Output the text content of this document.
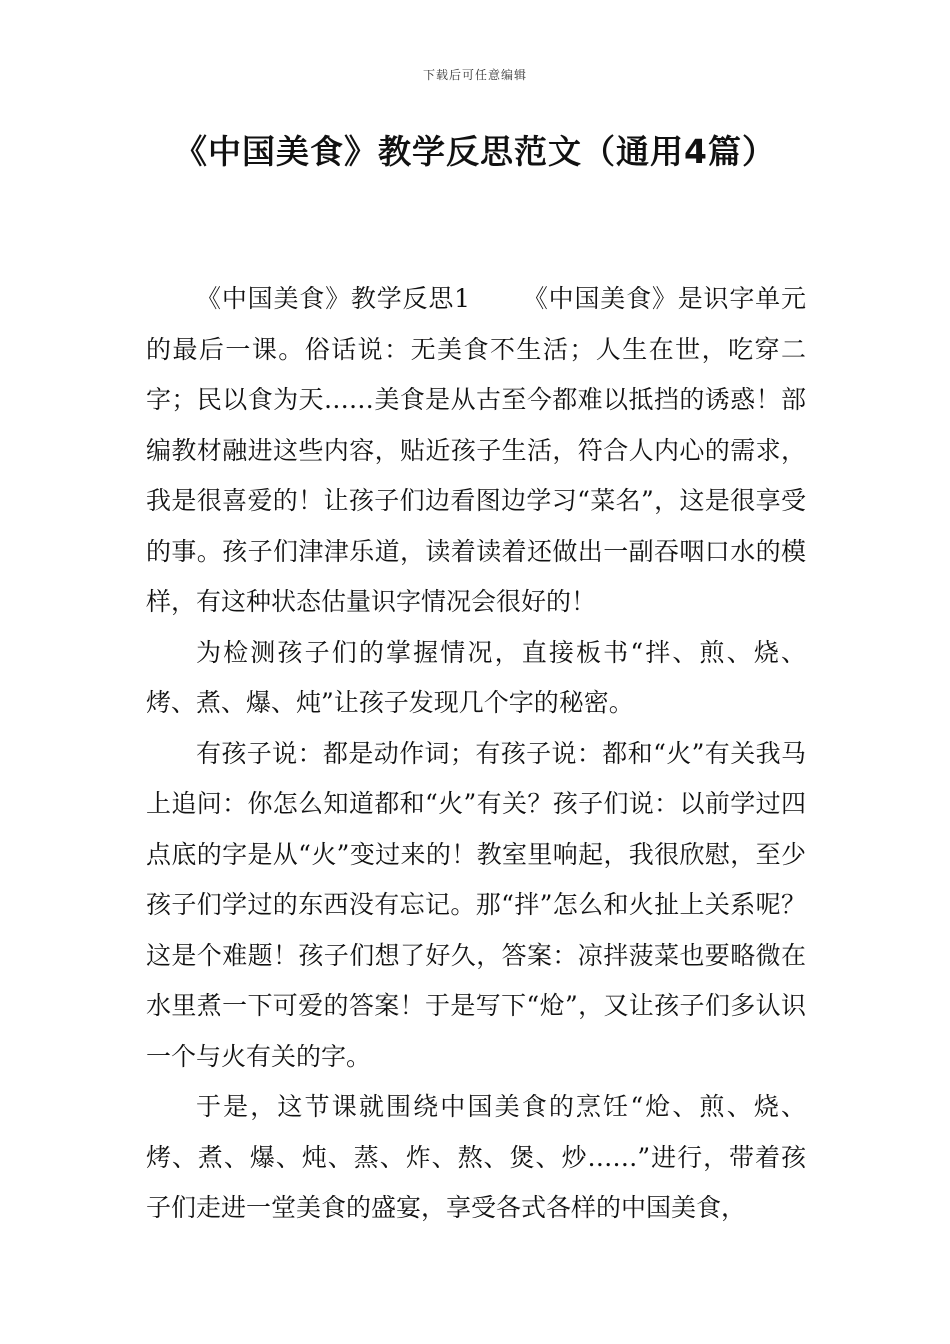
下载后可任意编辑
《中国美食》教学反思范文（通用4篇）

《中国美食》教学反思1 《中国美食》是识字单元的最后一课。俗话说：无美食不生活；人生在世，吃穿二字；民以食为天……美食是从古至今都难以抵挡的诱惑！部编教材融进这些内容，贴近孩子生活，符合人内心的需求，我是很喜爱的！让孩子们边看图边学习“菜名”，这是很享受的事。孩子们津津乐道，读着读着还做出一副吞咽口水的模样，有这种状态估量识字情况会很好的！

为检测孩子们的掌握情况，直接板书“拌、煎、烧、烤、煮、爆、炖”让孩子发现几个字的秘密。

有孩子说：都是动作词；有孩子说：都和“火”有关我马上追问：你怎么知道都和“火”有关？孩子们说：以前学过四点底的字是从“火”变过来的！教室里响起，我很欣慰，至少孩子们学过的东西没有忘记。那“拌”怎么和火扯上关系呢？这是个难题！孩子们想了好久，答案：凉拌菠菜也要略微在水里煮一下可爱的答案！于是写下“炝”，又让孩子们多认识一个与火有关的字。

于是，这节课就围绕中国美食的烹饪“炝、煎、烧、烤、煮、爆、炖、蒸、炸、熬、煲、炒……”进行，带着孩子们走进一堂美食的盛宴，享受各式各样的中国美食，
